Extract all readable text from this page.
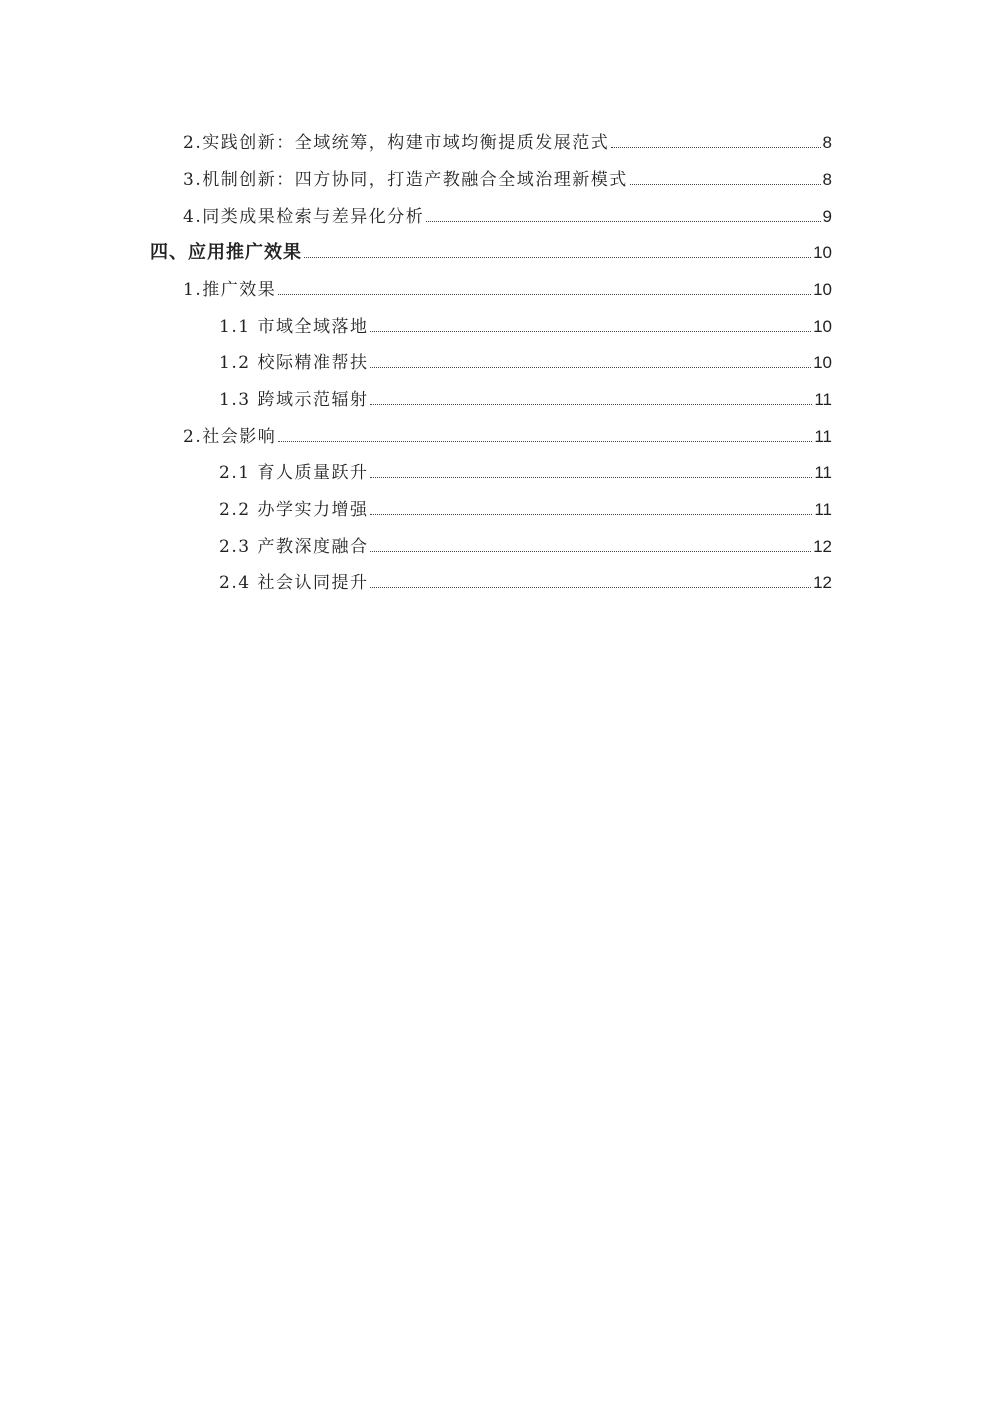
2.实践创新：全域统筹，构建市域均衡提质发展范式	8
3.机制创新：四方协同，打造产教融合全域治理新模式	8
4.同类成果检索与差异化分析	9
四、应用推广效果	10
1.推广效果	10
1.1 市域全域落地	10
1.2 校际精准帮扶	10
1.3 跨域示范辐射	11
2.社会影响	11
2.1 育人质量跃升	11
2.2 办学实力增强	11
2.3 产教深度融合	12
2.4 社会认同提升	12
